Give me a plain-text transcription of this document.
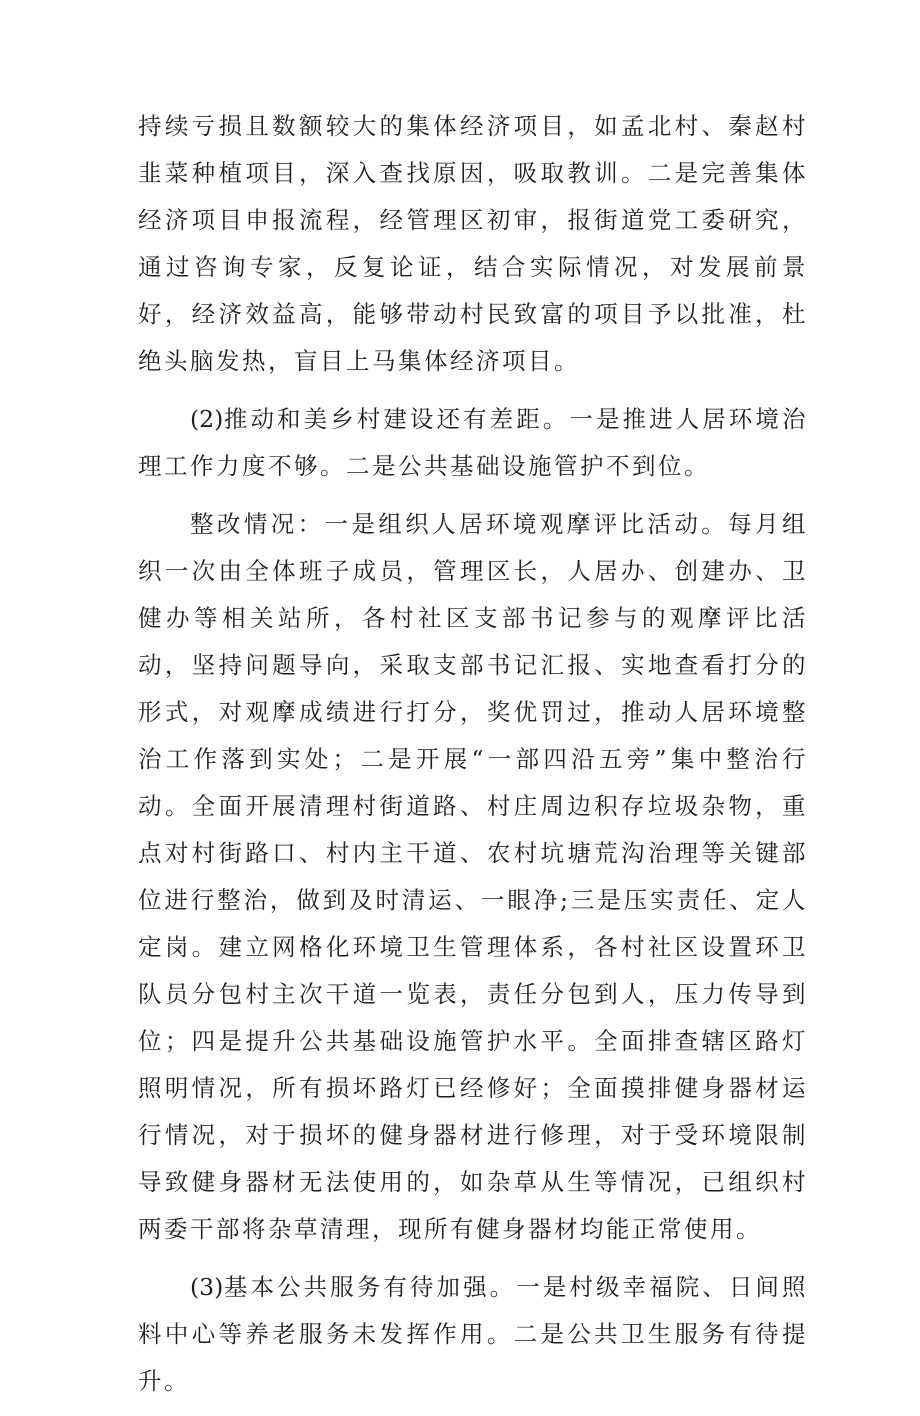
持续亏损且数额较大的集体经济项目，如孟北村、秦赵村韭菜种植项目，深入查找原因，吸取教训。二是完善集体经济项目申报流程，经管理区初审，报街道党工委研究，通过咨询专家，反复论证，结合实际情况，对发展前景好，经济效益高，能够带动村民致富的项目予以批准，杜绝头脑发热，盲目上马集体经济项目。

(2)推动和美乡村建设还有差距。一是推进人居环境治理工作力度不够。二是公共基础设施管护不到位。

整改情况：一是组织人居环境观摩评比活动。每月组织一次由全体班子成员，管理区长，人居办、创建办、卫健办等相关站所，各村社区支部书记参与的观摩评比活动，坚持问题导向，采取支部书记汇报、实地查看打分的形式，对观摩成绩进行打分，奖优罚过，推动人居环境整治工作落到实处；二是开展“一部四沿五旁”集中整治行动。全面开展清理村街道路、村庄周边积存垃圾杂物，重点对村街路口、村内主干道、农村坑塘荒沟治理等关键部位进行整治，做到及时清运、一眼净;三是压实责任、定人定岗。建立网格化环境卫生管理体系，各村社区设置环卫队员分包村主次干道一览表，责任分包到人，压力传导到位；四是提升公共基础设施管护水平。全面排查辖区路灯照明情况，所有损坏路灯已经修好；全面摸排健身器材运行情况，对于损坏的健身器材进行修理，对于受环境限制导致健身器材无法使用的，如杂草从生等情况，已组织村两委干部将杂草清理，现所有健身器材均能正常使用。

(3)基本公共服务有待加强。一是村级幸福院、日间照料中心等养老服务未发挥作用。二是公共卫生服务有待提升。
